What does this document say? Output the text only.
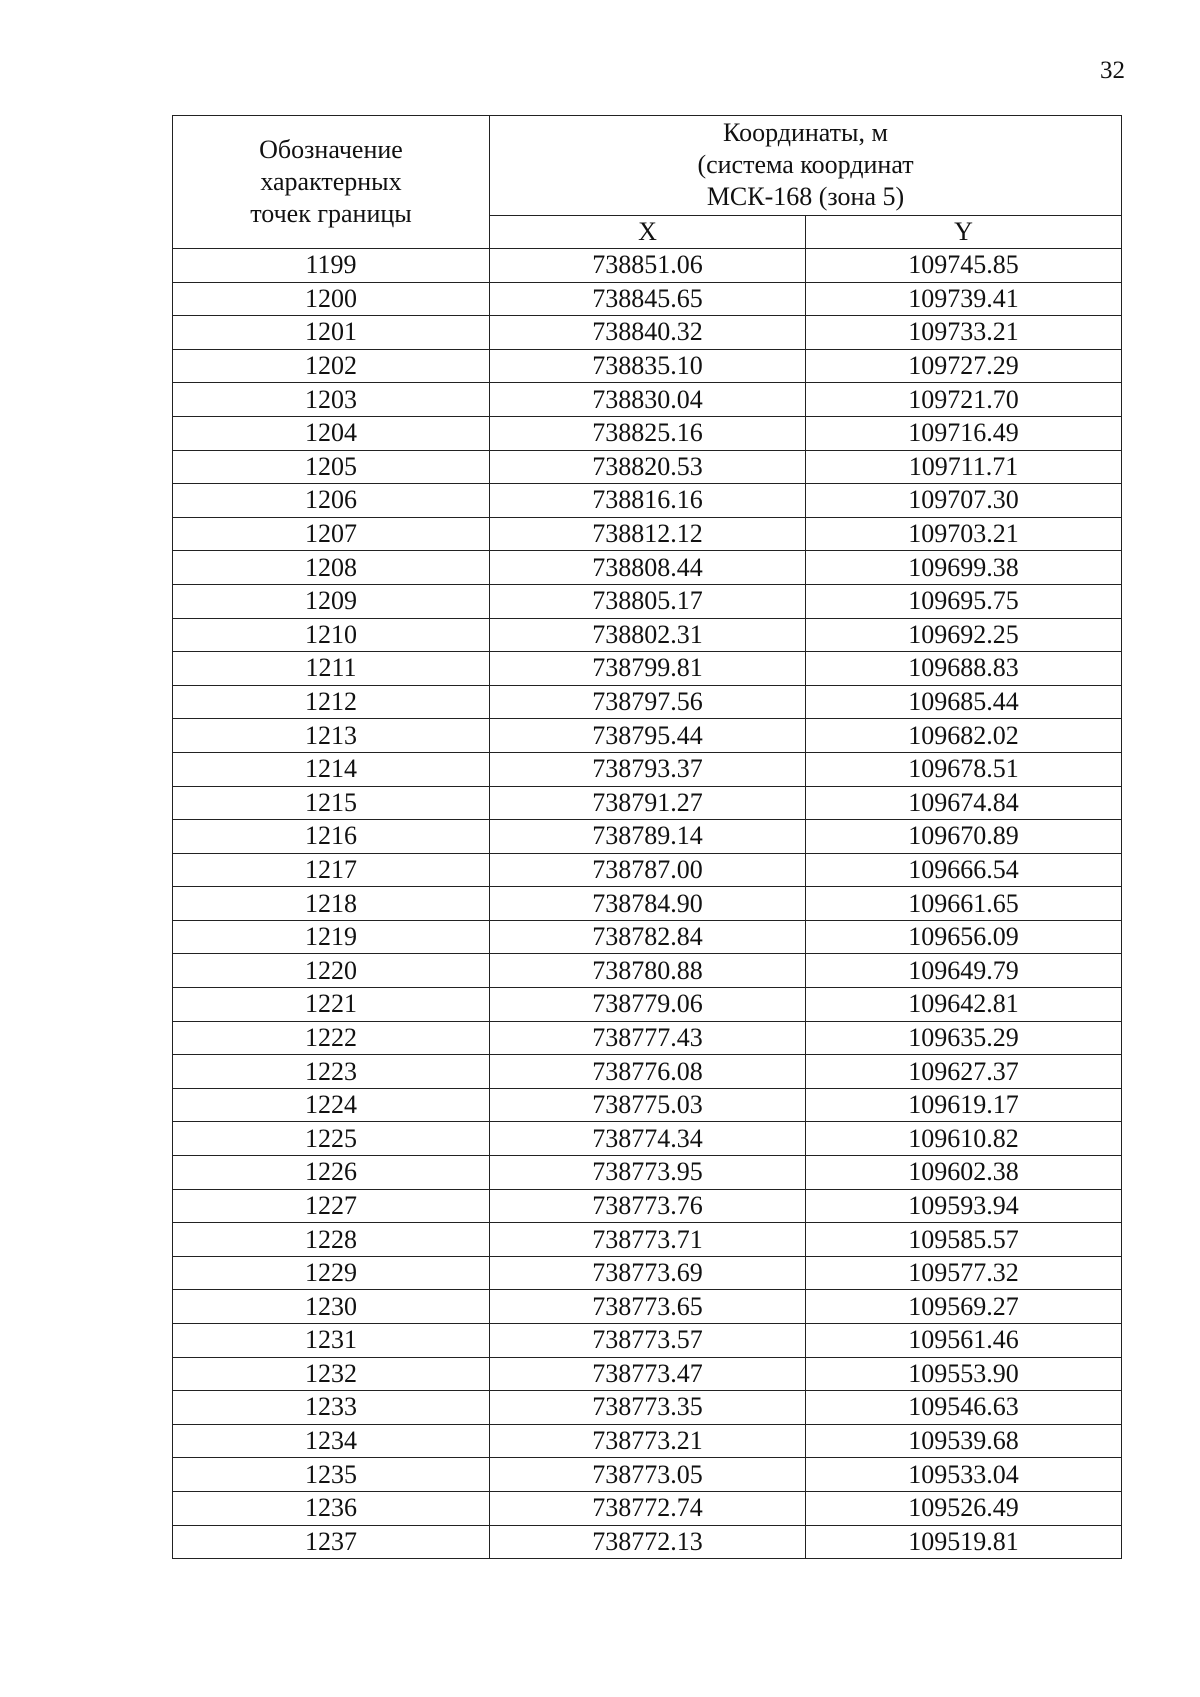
32
Обозначение
характерных
точек границы	Координаты, м
(система координат
МСК-168 (зона 5)	

	X	Y
1199	738851.06	109745.85
1200	738845.65	109739.41
1201	738840.32	109733.21
1202	738835.10	109727.29
1203	738830.04	109721.70
1204	738825.16	109716.49
1205	738820.53	109711.71
1206	738816.16	109707.30
1207	738812.12	109703.21
1208	738808.44	109699.38
1209	738805.17	109695.75
1210	738802.31	109692.25
1211	738799.81	109688.83
1212	738797.56	109685.44
1213	738795.44	109682.02
1214	738793.37	109678.51
1215	738791.27	109674.84
1216	738789.14	109670.89
1217	738787.00	109666.54
1218	738784.90	109661.65
1219	738782.84	109656.09
1220	738780.88	109649.79
1221	738779.06	109642.81
1222	738777.43	109635.29
1223	738776.08	109627.37
1224	738775.03	109619.17
1225	738774.34	109610.82
1226	738773.95	109602.38
1227	738773.76	109593.94
1228	738773.71	109585.57
1229	738773.69	109577.32
1230	738773.65	109569.27
1231	738773.57	109561.46
1232	738773.47	109553.90
1233	738773.35	109546.63
1234	738773.21	109539.68
1235	738773.05	109533.04
1236	738772.74	109526.49
1237	738772.13	109519.81
